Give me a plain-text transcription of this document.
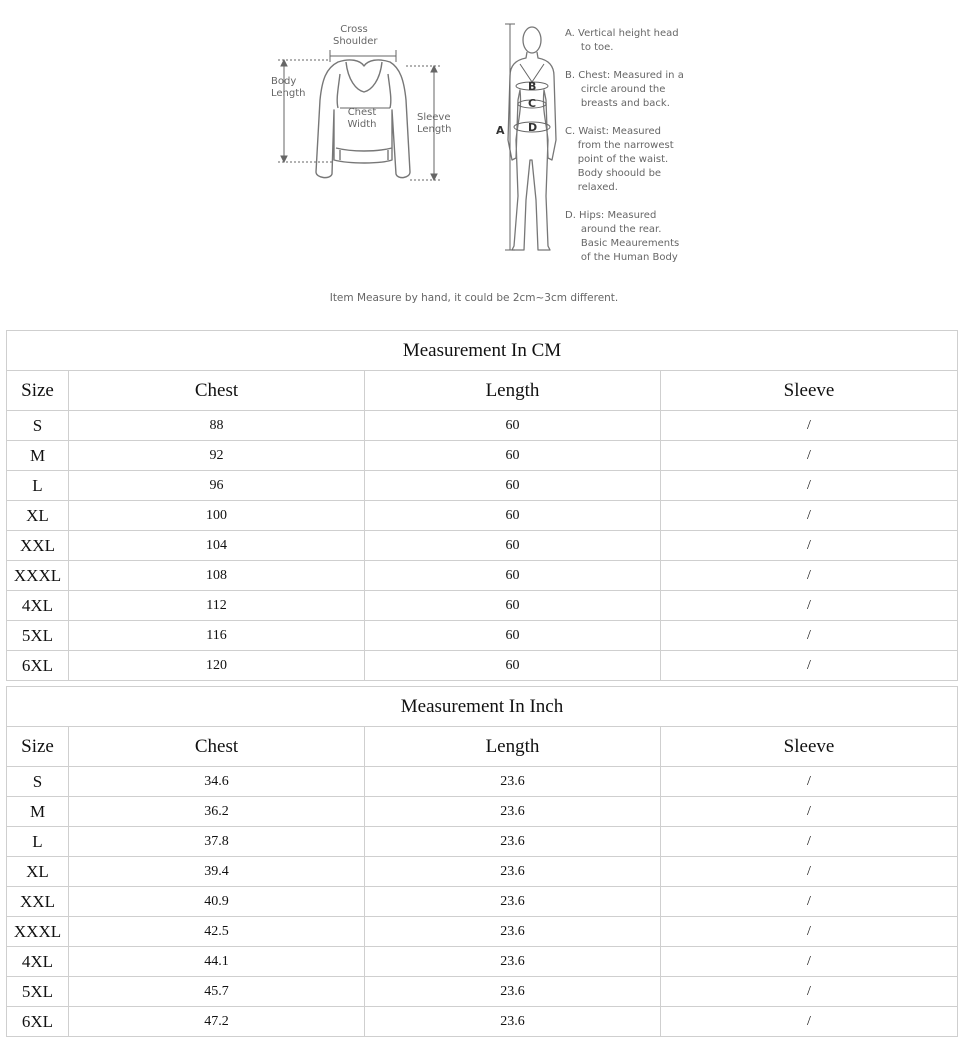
Cross
Shoulder
Body
Length
Chest
Width
Sleeve
Length	A
B
C
D
A. Vertical height head
to toe.
B. Chest: Measured in a
circle around the
breasts and back.
C. Waist: Measured
from the narrowest
point of the waist.
Body shoould be
relaxed.
D. Hips: Measured
around the rear.
Basic Meaurements
of the Human Body
Item Measure by hand, it could be 2cm~3cm different.
Measurement In CM			
Size	Chest	Length	Sleeve
S	88	60	/
M	92	60	/
L	96	60	/
XL	100	60	/
XXL	104	60	/
XXXL	108	60	/
4XL	112	60	/
5XL	116	60	/
6XL	120	60	/
Measurement In Inch			
Size	Chest	Length	Sleeve
S	34.6	23.6	/
M	36.2	23.6	/
L	37.8	23.6	/
XL	39.4	23.6	/
XXL	40.9	23.6	/
XXXL	42.5	23.6	/
4XL	44.1	23.6	/
5XL	45.7	23.6	/
6XL	47.2	23.6	/
